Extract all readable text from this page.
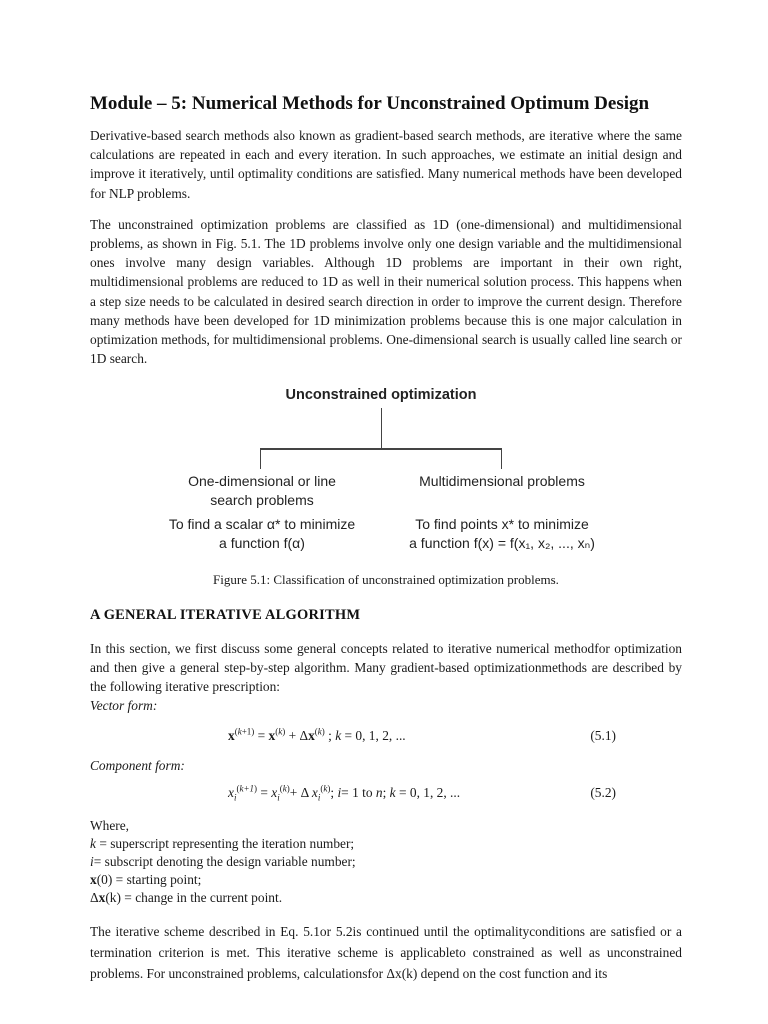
Module – 5: Numerical Methods for Unconstrained Optimum Design

Derivative-based search methods also known as gradient-based search methods, are iterative where the same calculations are repeated in each and every iteration. In such approaches, we estimate an initial design and improve it iteratively, until optimality conditions are satisfied. Many numerical methods have been developed for NLP problems.

The unconstrained optimization problems are classified as 1D (one-dimensional) and multidimensional problems, as shown in Fig. 5.1. The 1D problems involve only one design variable and the multidimensional ones involve many design variables. Although 1D problems are important in their own right, multidimensional problems are reduced to 1D as well in their numerical solution process. This happens when a step size needs to be calculated in desired search direction in order to improve the current design. Therefore many methods have been developed for 1D minimization problems because this is one major calculation in optimization methods, for multidimensional problems. One-dimensional search is usually called line search or 1D search.

Unconstrained optimization
One-dimensional or line
search problems
To find a scalar α* to minimize
a function f(α)
Multidimensional problems
To find points x* to minimize
a function f(x) = f(x₁, x₂, ..., xₙ)
Figure 5.1: Classification of unconstrained optimization problems.
A GENERAL ITERATIVE ALGORITHM

In this section, we first discuss some general concepts related to iterative numerical methodfor optimization and then give a general step-by-step algorithm. Many gradient-based optimizationmethods are described by the following iterative prescription:

Vector form:
$x^{(k+1)} = x^{(k)} + \Delta x^{(k)}$ ; k = 0, 1, 2, ...	(5.1)
Component form:
$x_i^{(k+1)} = x_i^{(k)}+ \Delta$ $x_i^{(k)}$; i= 1 to n; k = 0, 1, 2, ...	(5.2)
Where,
k = superscript representing the iteration number;
i= subscript denoting the design variable number;
x(0) = starting point;
Δx(k) = change in the current point.

The iterative scheme described in Eq. 5.1or 5.2is continued until the optimalityconditions are satisfied or a termination criterion is met. This iterative scheme is applicableto constrained as well as unconstrained problems. For unconstrained problems, calculationsfor Δx(k) depend on the cost function and its
